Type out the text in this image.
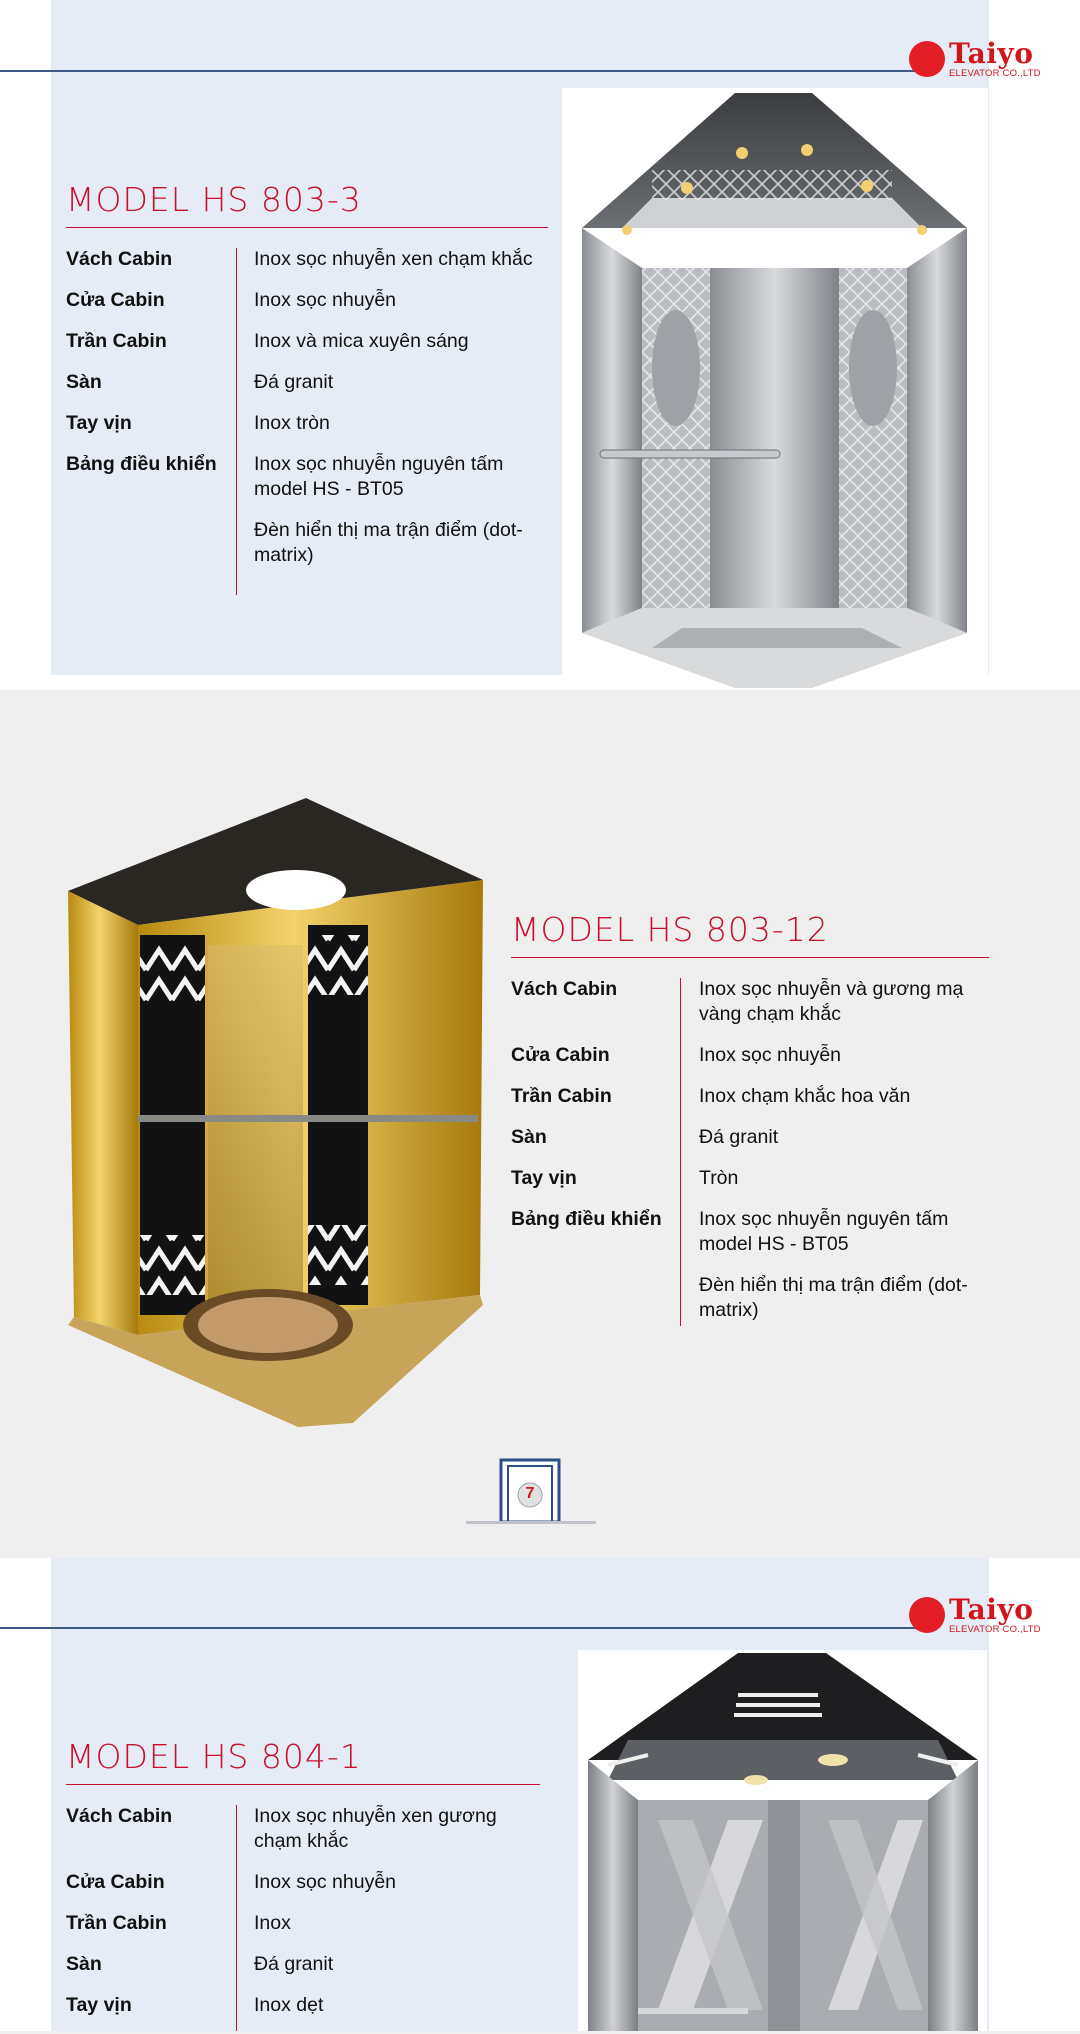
Taiyo
ELEVATOR CO.,LTD
MODEL HS 803-3
Vách Cabin	Inox sọc nhuyễn xen chạm khắc
Cửa Cabin	Inox sọc nhuyễn
Trần Cabin	Inox và mica xuyên sáng
Sàn	Đá granit
Tay vịn	Inox tròn
Bảng điều khiển	Inox sọc nhuyễn nguyên tấm model HS - BT05
Đèn hiển thị ma trận điểm (dot-matrix)
MODEL HS 803-12
Vách Cabin	Inox sọc nhuyễn và gương mạ vàng chạm khắc
Cửa Cabin	Inox sọc nhuyễn
Trần Cabin	Inox chạm khắc hoa văn
Sàn	Đá granit
Tay vịn	Tròn
Bảng điều khiển	Inox sọc nhuyễn nguyên tấm model HS - BT05
Đèn hiển thị ma trận điểm (dot-matrix)
7
Taiyo
ELEVATOR CO.,LTD
MODEL HS 804-1
Vách Cabin	Inox sọc nhuyễn xen gương chạm khắc
Cửa Cabin	Inox sọc nhuyễn
Trần Cabin	Inox
Sàn	Đá granit
Tay vịn	Inox dẹt
